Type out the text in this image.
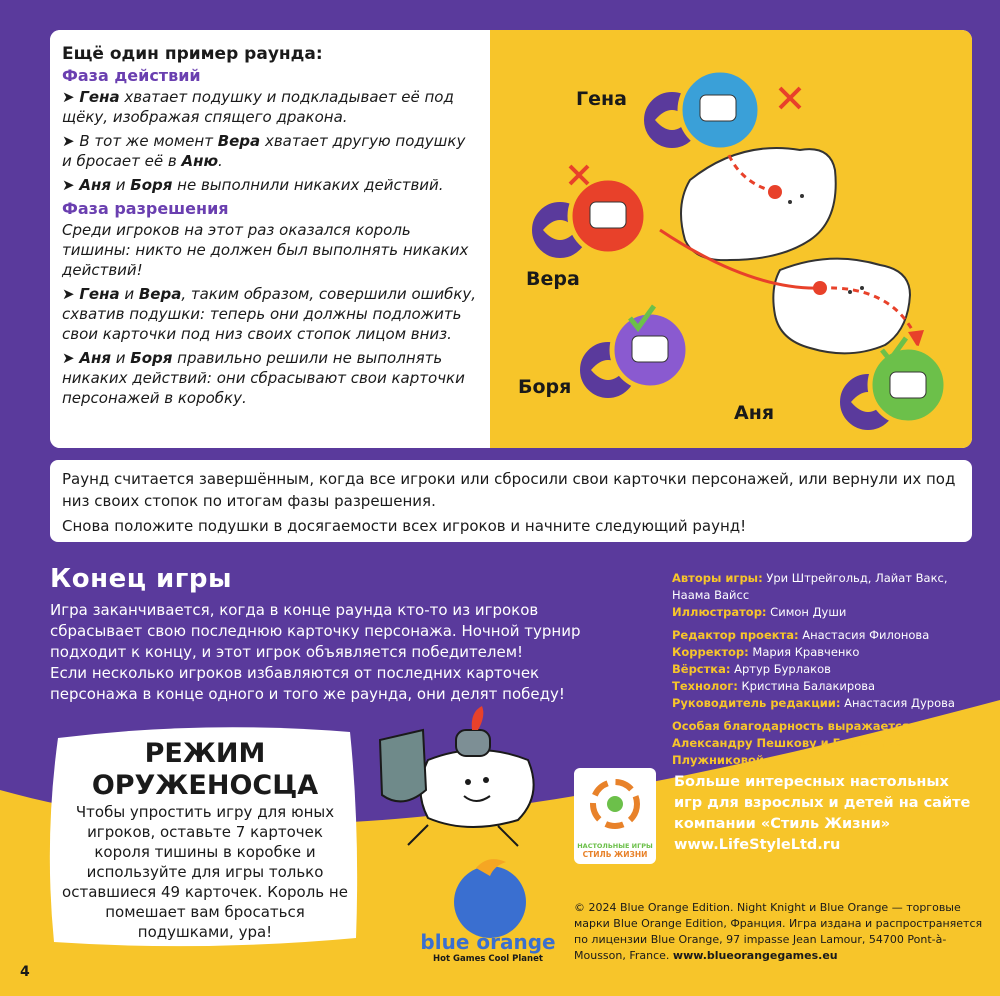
Ещё один пример раунда:
Фаза действий

➤ Гена хватает подушку и подкладывает её под щёку, изображая спящего дракона.

➤ В тот же момент Вера хватает другую подушку и бросает её в Аню.

➤ Аня и Боря не выполнили никаких действий.

Фаза разрешения

Среди игроков на этот раз оказался король тишины: никто не должен был выполнять никаких действий!

➤ Гена и Вера, таким образом, совершили ошибку, схватив подушки: теперь они должны подложить свои карточки под низ своих стопок лицом вниз.

➤ Аня и Боря правильно решили не выполнять никаких действий: они сбрасывают свои карточки персонажей в коробку.

Гена
Вера
Боря
Аня

Раунд считается завершённым, когда все игроки или сбросили свои карточки персонажей, или вернули их под низ своих стопок по итогам фазы разрешения.

Снова положите подушки в досягаемости всех игроков и начните следующий раунд!

Конец игры

Игра заканчивается, когда в конце раунда кто-то из игроков сбрасывает свою последнюю карточку персонажа. Ночной турнир подходит к концу, и этот игрок объявляется победителем!

Если несколько игроков избавляются от последних карточек персонажа в конце одного и того же раунда, они делят победу!

Авторы игры: Ури Штрейгольд, Лайат Вакс, Наама Вайсс
Иллюстратор: Симон Души
Редактор проекта: Анастасия Филонова
Корректор: Мария Кравченко
Вёрстка: Артур Бурлаков
Технолог: Кристина Балакирова
Руководитель редакции: Анастасия Дурова
Особая благодарность выражается Александру Пешкову и Екатерине Плужниковой.
РЕЖИМ
ОРУЖЕНОСЦА

Чтобы упростить игру для юных игроков, оставьте 7 карточек короля тишины в коробке и используйте для игры только оставшиеся 49 карточек. Король не помешает вам бросаться подушками, ура!	blue orange
Hot Games Cool Planet
НАСТОЛЬНЫЕ ИГРЫ
СТИЛЬ ЖИЗНИ
Больше интересных настольных игр для взрослых и детей на сайте компании «Стиль Жизни»
www.LifeStyleLtd.ru
© 2024 Blue Orange Edition. Night Knight и Blue Orange — торговые марки Blue Orange Edition, Франция. Игра издана и распространяется по лицензии Blue Orange, 97 impasse Jean Lamour, 54700 Pont-à-Mousson, France. www.blueorangegames.eu
4
